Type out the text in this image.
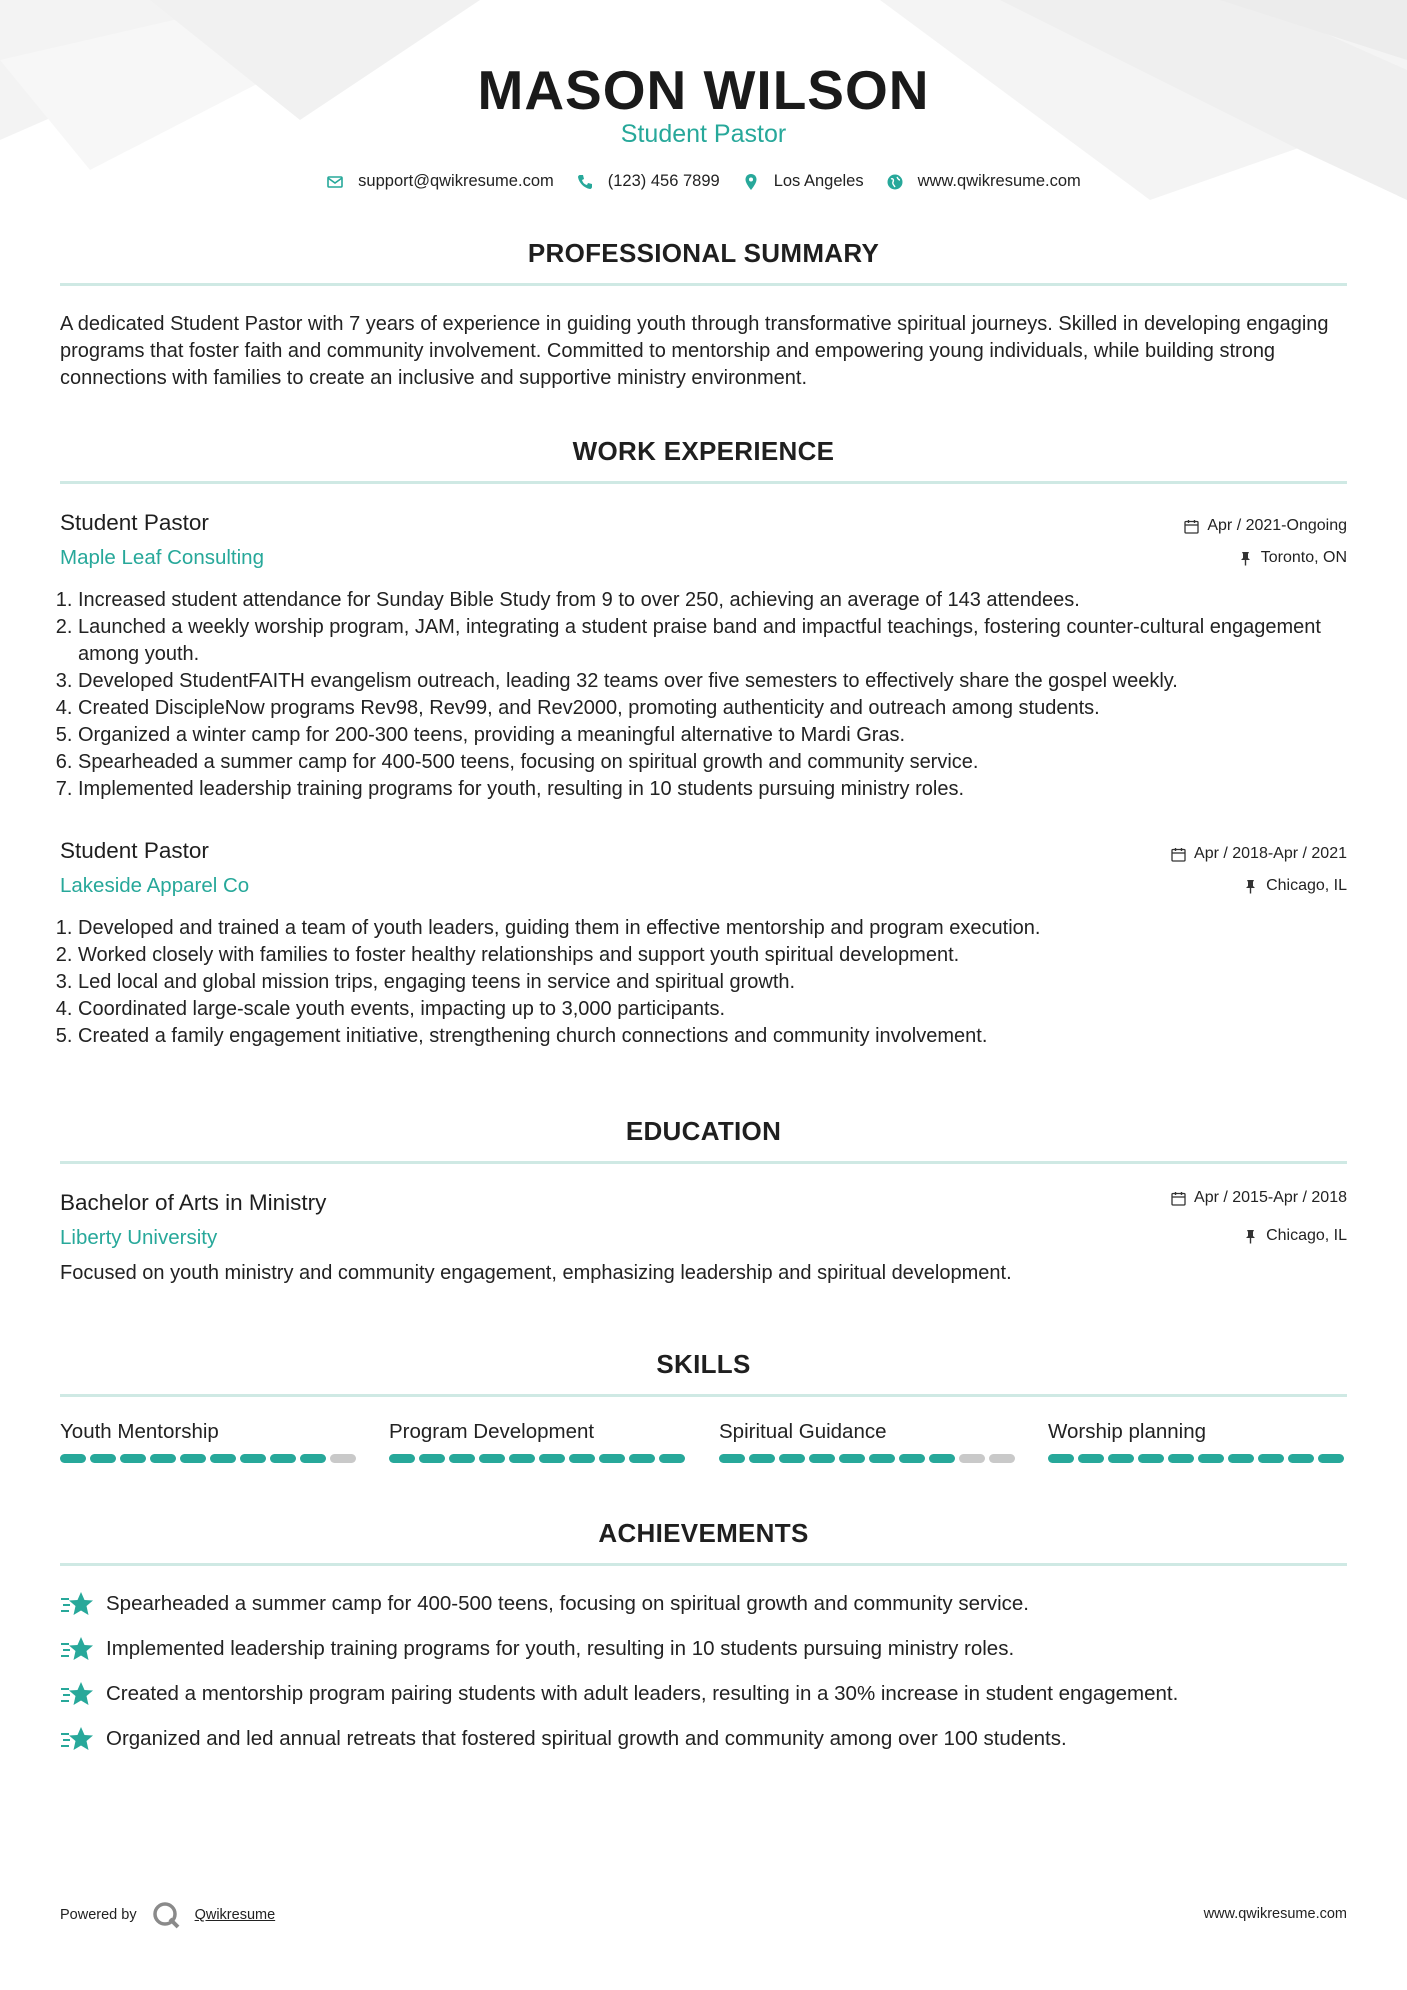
MASON WILSON
Student Pastor
support@qwikresume.com	(123) 456 7899	Los Angeles	www.qwikresume.com
PROFESSIONAL SUMMARY
A dedicated Student Pastor with 7 years of experience in guiding youth through transformative spiritual journeys. Skilled in developing engaging programs that foster faith and community involvement. Committed to mentorship and empowering young individuals, while building strong connections with families to create an inclusive and supportive ministry environment.
WORK EXPERIENCE
Student Pastor
Maple Leaf Consulting
Apr / 2021-Ongoing
Toronto, ON
1. Increased student attendance for Sunday Bible Study from 9 to over 250, achieving an average of 143 attendees.
2. Launched a weekly worship program, JAM, integrating a student praise band and impactful teachings, fostering counter-cultural engagement among youth.
3. Developed StudentFAITH evangelism outreach, leading 32 teams over five semesters to effectively share the gospel weekly.
4. Created DiscipleNow programs Rev98, Rev99, and Rev2000, promoting authenticity and outreach among students.
5. Organized a winter camp for 200-300 teens, providing a meaningful alternative to Mardi Gras.
6. Spearheaded a summer camp for 400-500 teens, focusing on spiritual growth and community service.
7. Implemented leadership training programs for youth, resulting in 10 students pursuing ministry roles.
Student Pastor
Lakeside Apparel Co
Apr / 2018-Apr / 2021
Chicago, IL
1. Developed and trained a team of youth leaders, guiding them in effective mentorship and program execution.
2. Worked closely with families to foster healthy relationships and support youth spiritual development.
3. Led local and global mission trips, engaging teens in service and spiritual growth.
4. Coordinated large-scale youth events, impacting up to 3,000 participants.
5. Created a family engagement initiative, strengthening church connections and community involvement.
EDUCATION
Bachelor of Arts in Ministry
Liberty University
Apr / 2015-Apr / 2018
Chicago, IL
Focused on youth ministry and community engagement, emphasizing leadership and spiritual development.
SKILLS
Youth Mentorship	Program Development	Spiritual Guidance	Worship planning
ACHIEVEMENTS
Spearheaded a summer camp for 400-500 teens, focusing on spiritual growth and community service.
Implemented leadership training programs for youth, resulting in 10 students pursuing ministry roles.
Created a mentorship program pairing students with adult leaders, resulting in a 30% increase in student engagement.
Organized and led annual retreats that fostered spiritual growth and community among over 100 students.
Powered by	Qwikresume	www.qwikresume.com
